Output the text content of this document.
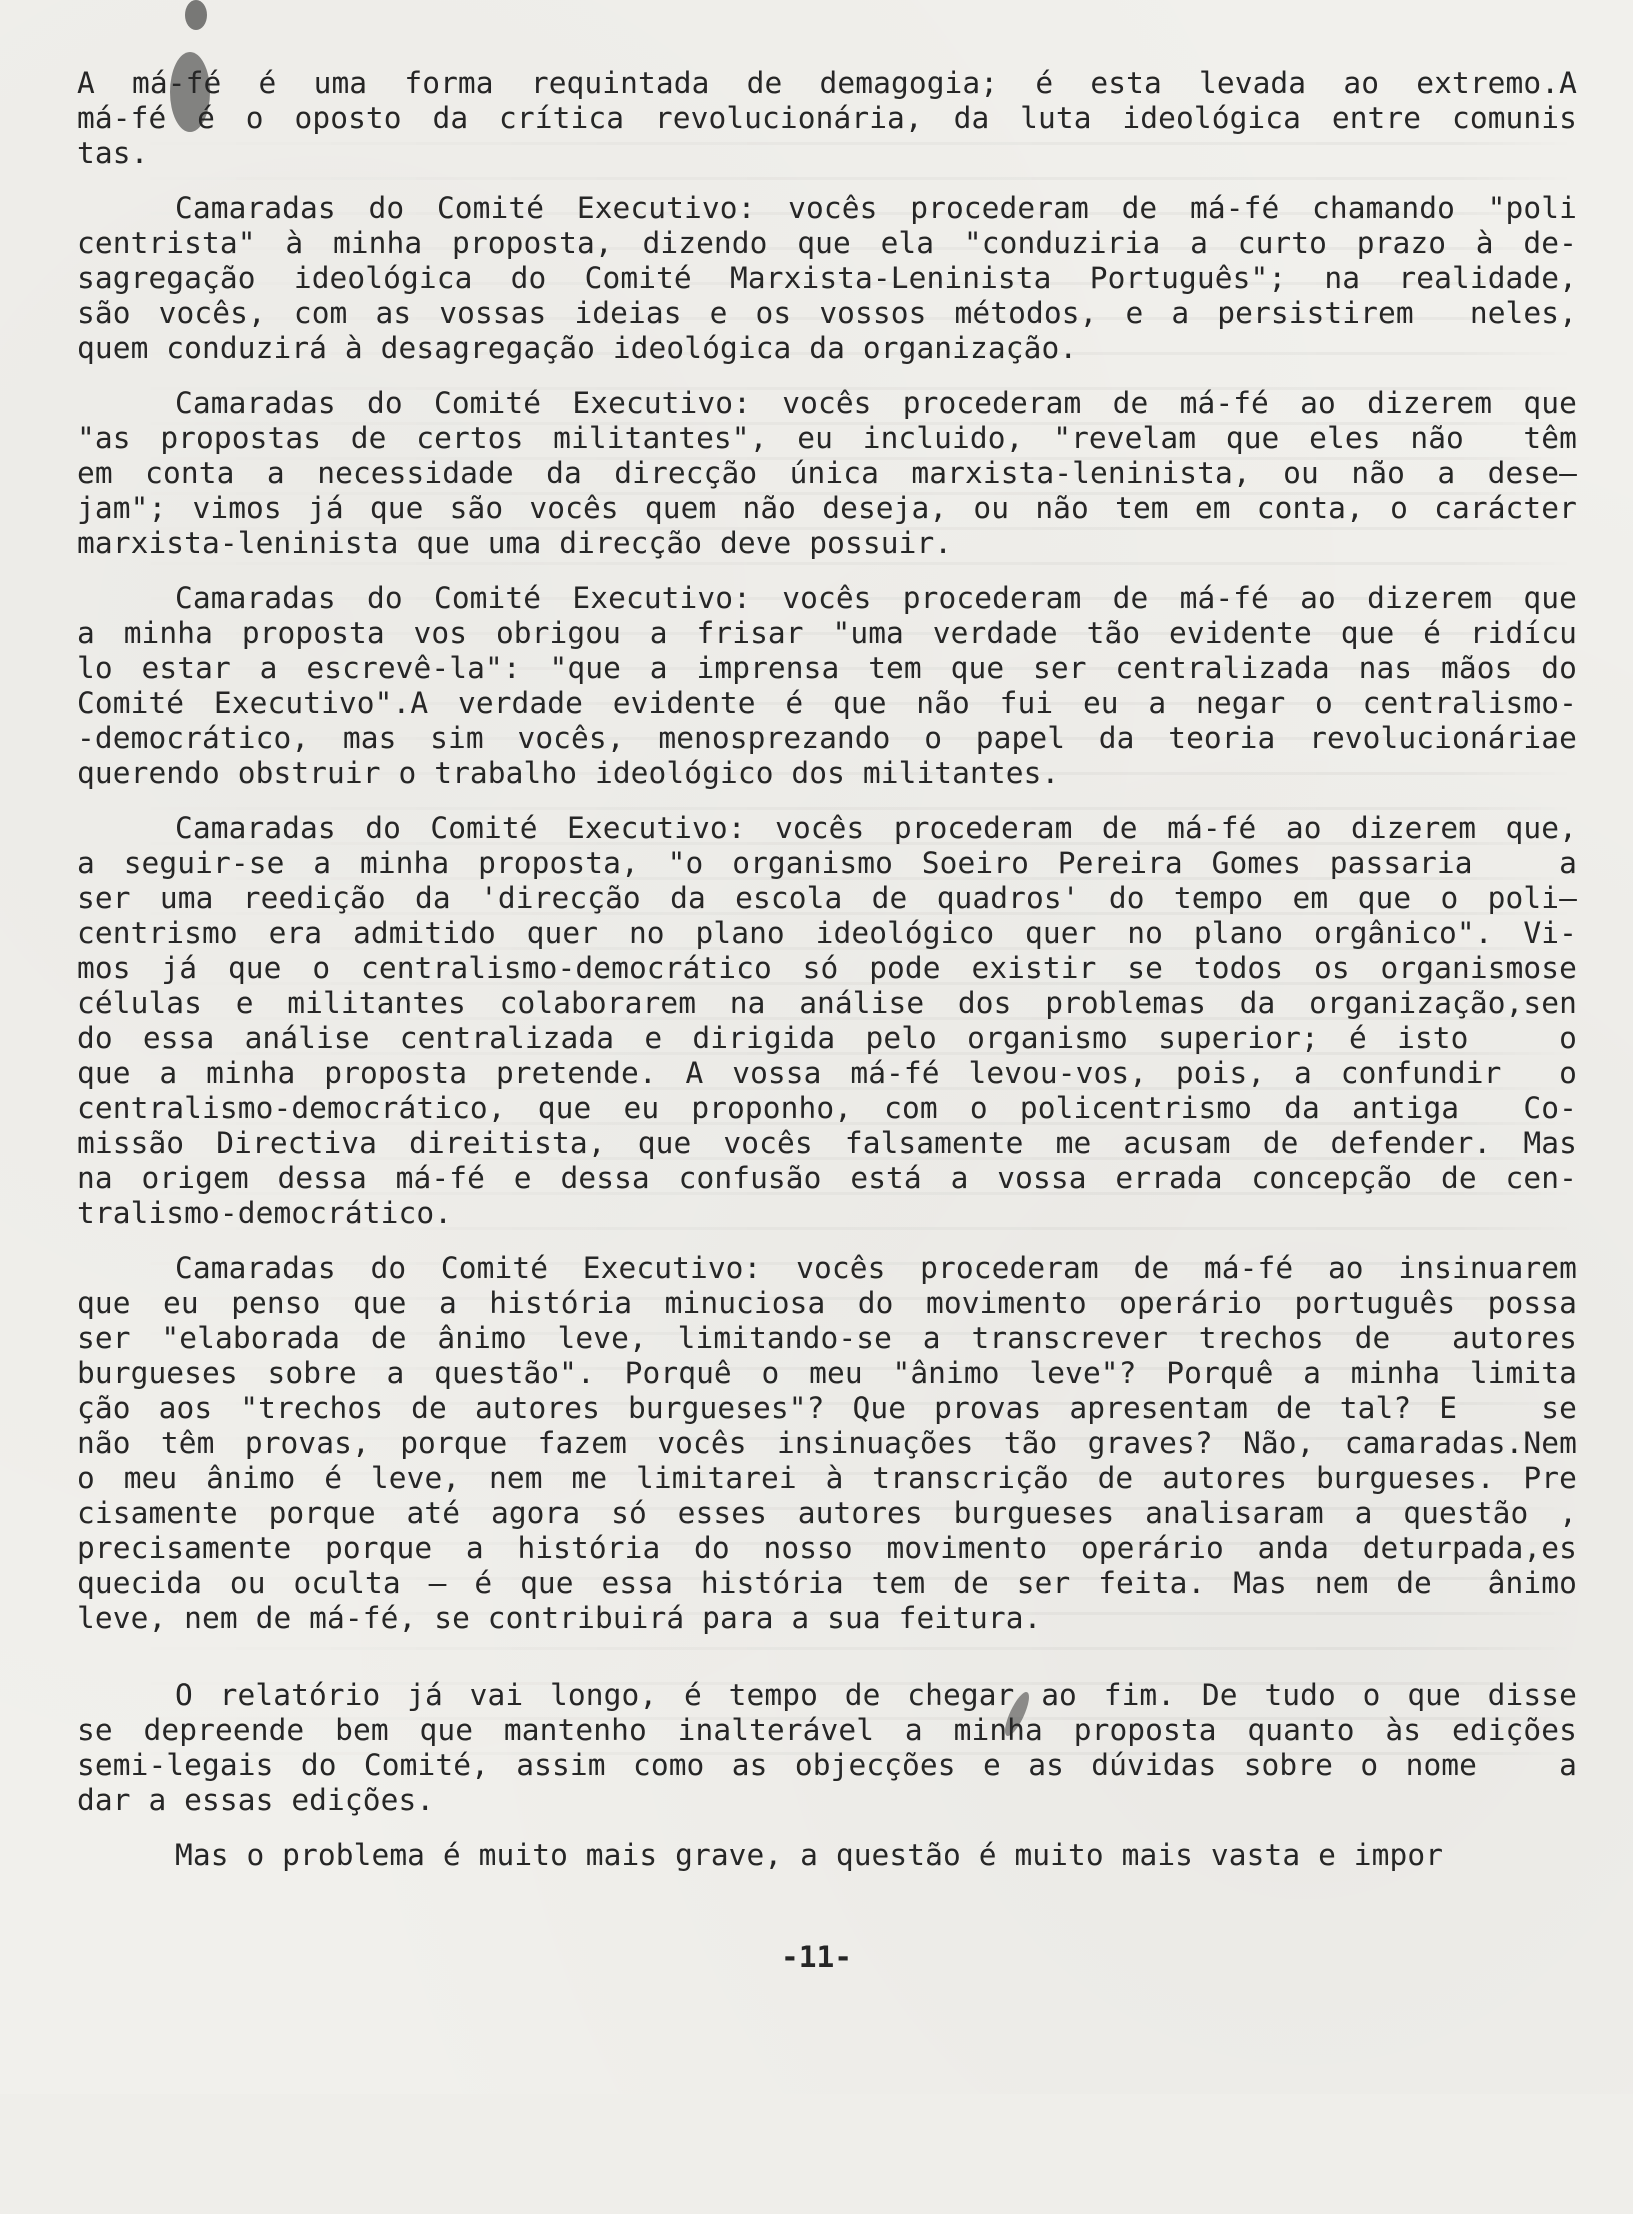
A má-fé é uma forma requintada de demagogia; é esta levada ao extremo.A
má-fé é o oposto da crítica revolucionária, da luta ideológica entre comunis
tas.
Camaradas do Comité Executivo: vocês procederam de má-fé chamando "poli
centrista" à minha proposta, dizendo que ela "conduziria a curto prazo à de-
sagregação ideológica do Comité Marxista-Leninista Português"; na realidade,
são vocês, com as vossas ideias e os vossos métodos, e a persistirem  neles,
quem conduzirá à desagregação ideológica da organização.
Camaradas do Comité Executivo: vocês procederam de má-fé ao dizerem que
"as propostas de certos militantes", eu incluido, "revelam que eles não  têm
em conta a necessidade da direcção única marxista-leninista, ou não a dese—
jam"; vimos já que são vocês quem não deseja, ou não tem em conta, o carácter
marxista-leninista que uma direcção deve possuir.
Camaradas do Comité Executivo: vocês procederam de má-fé ao dizerem que
a minha proposta vos obrigou a frisar "uma verdade tão evidente que é ridícu
lo estar a escrevê-la": "que a imprensa tem que ser centralizada nas mãos do
Comité Executivo".A verdade evidente é que não fui eu a negar o centralismo-
-democrático, mas sim vocês, menosprezando o papel da teoria revolucionáriae
querendo obstruir o trabalho ideológico dos militantes.
Camaradas do Comité Executivo: vocês procederam de má-fé ao dizerem que,
a seguir-se a minha proposta, "o organismo Soeiro Pereira Gomes passaria   a
ser uma reedição da 'direcção da escola de quadros' do tempo em que o poli—
centrismo era admitido quer no plano ideológico quer no plano orgânico". Vi-
mos já que o centralismo-democrático só pode existir se todos os organismose
células e militantes colaborarem na análise dos problemas da organização,sen
do essa análise centralizada e dirigida pelo organismo superior; é isto   o
que a minha proposta pretende. A vossa má-fé levou-vos, pois, a confundir  o
centralismo-democrático, que eu proponho, com o policentrismo da antiga  Co-
missão Directiva direitista, que vocês falsamente me acusam de defender. Mas
na origem dessa má-fé e dessa confusão está a vossa errada concepção de cen-
tralismo-democrático.
Camaradas do Comité Executivo: vocês procederam de má-fé ao insinuarem
que eu penso que a história minuciosa do movimento operário português possa
ser "elaborada de ânimo leve, limitando-se a transcrever trechos de  autores
burgueses sobre a questão". Porquê o meu "ânimo leve"? Porquê a minha limita
ção aos "trechos de autores burgueses"? Que provas apresentam de tal? E   se
não têm provas, porque fazem vocês insinuações tão graves? Não, camaradas.Nem
o meu ânimo é leve, nem me limitarei à transcrição de autores burgueses. Pre
cisamente porque até agora só esses autores burgueses analisaram a questão ,
precisamente porque a história do nosso movimento operário anda deturpada,es
quecida ou oculta — é que essa história tem de ser feita. Mas nem de  ânimo
leve, nem de má-fé, se contribuirá para a sua feitura.
O relatório já vai longo, é tempo de chegar ao fim. De tudo o que disse
se depreende bem que mantenho inalterável a minha proposta quanto às edições
semi-legais do Comité, assim como as objecções e as dúvidas sobre o nome   a
dar a essas edições.
Mas o problema é muito mais grave, a questão é muito mais vasta e impor
-11-
